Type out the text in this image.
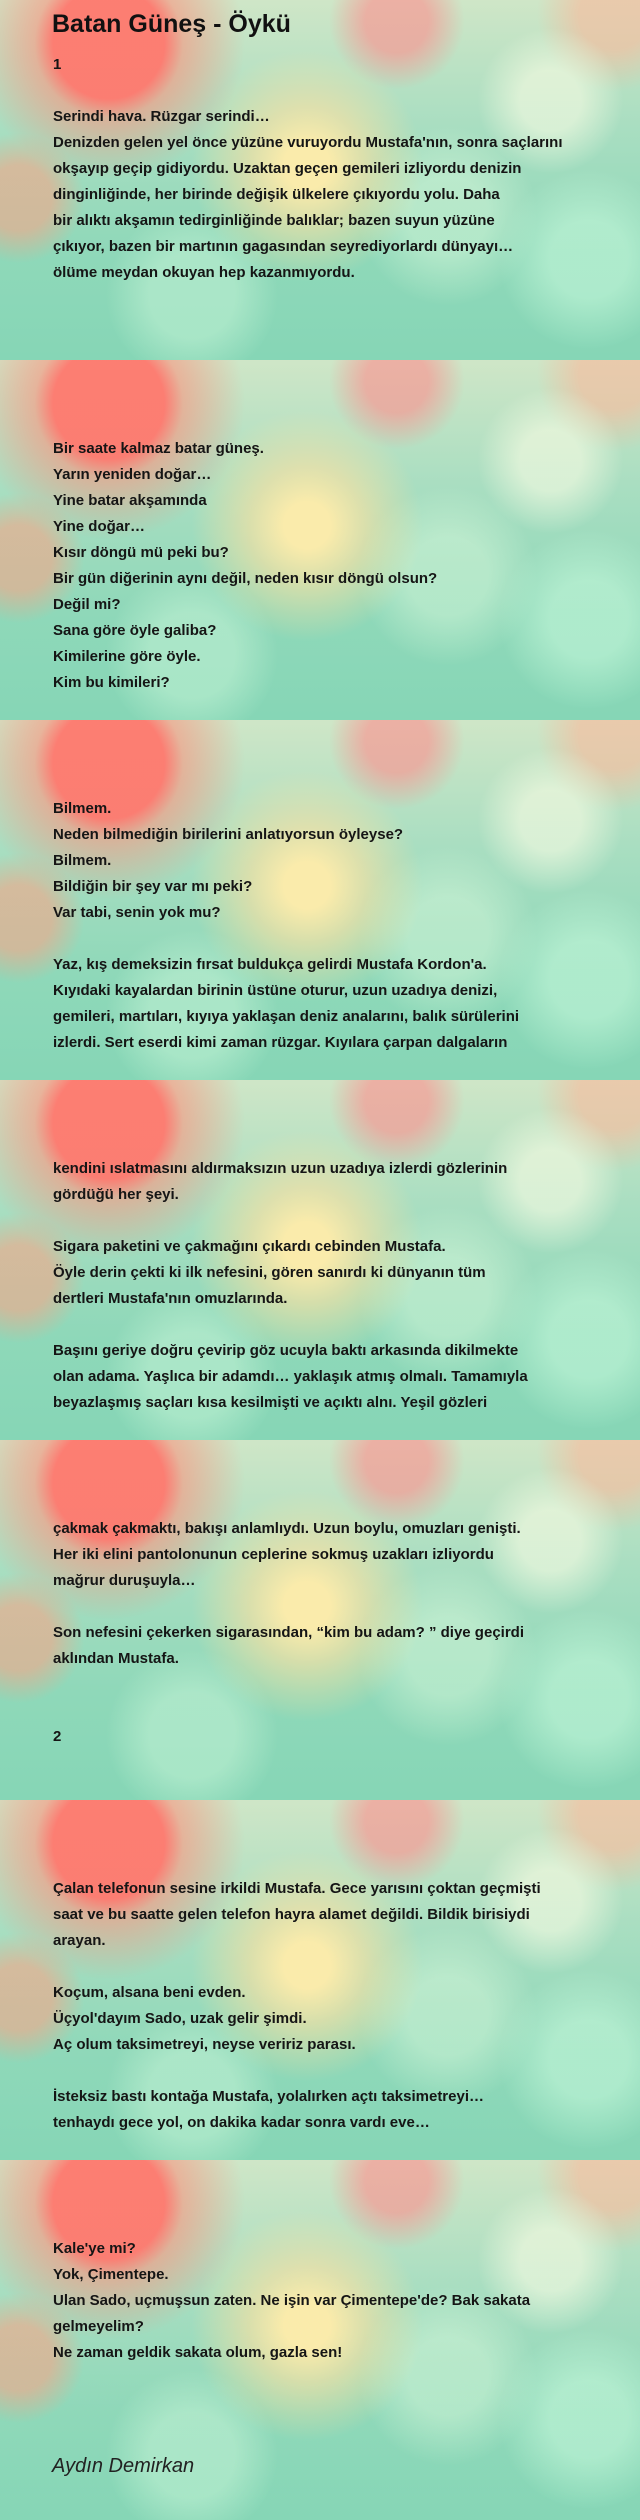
Batan Güneş - Öykü
1
Serindi hava. Rüzgar serindi…
Denizden gelen yel önce yüzüne vuruyordu Mustafa'nın, sonra saçlarını
okşayıp geçip gidiyordu. Uzaktan geçen gemileri izliyordu denizin
dinginliğinde, her birinde değişik ülkelere çıkıyordu yolu. Daha
bir alıktı akşamın tedirginliğinde balıklar; bazen suyun yüzüne
çıkıyor, bazen bir martının gagasından seyrediyorlardı dünyayı…
ölüme meydan okuyan hep kazanmıyordu.
Bir saate kalmaz batar güneş.
Yarın yeniden doğar…
Yine batar akşamında
Yine doğar…
Kısır döngü mü peki bu?
Bir gün diğerinin aynı değil, neden kısır döngü olsun?
Değil mi?
Sana göre öyle galiba?
Kimilerine göre öyle.
Kim bu kimileri?
Bilmem.
Neden bilmediğin birilerini anlatıyorsun öyleyse?
Bilmem.
Bildiğin bir şey var mı peki?
Var tabi, senin yok mu?
Yaz, kış demeksizin fırsat buldukça gelirdi Mustafa Kordon'a.
Kıyıdaki kayalardan birinin üstüne oturur, uzun uzadıya denizi,
gemileri, martıları, kıyıya yaklaşan deniz analarını, balık sürülerini
izlerdi. Sert eserdi kimi zaman rüzgar. Kıyılara çarpan dalgaların
kendini ıslatmasını aldırmaksızın uzun uzadıya izlerdi gözlerinin
gördüğü her şeyi.
Sigara paketini ve çakmağını çıkardı cebinden Mustafa.
Öyle derin çekti ki ilk nefesini, gören sanırdı ki dünyanın tüm
dertleri Mustafa'nın omuzlarında.
Başını geriye doğru çevirip göz ucuyla baktı arkasında dikilmekte
olan adama. Yaşlıca bir adamdı… yaklaşık atmış olmalı. Tamamıyla
beyazlaşmış saçları kısa kesilmişti ve açıktı alnı. Yeşil gözleri
çakmak çakmaktı, bakışı anlamlıydı. Uzun boylu, omuzları genişti.
Her iki elini pantolonunun ceplerine sokmuş uzakları izliyordu
mağrur duruşuyla…
Son nefesini çekerken sigarasından, “kim bu adam? ” diye geçirdi
aklından Mustafa.
2
Çalan telefonun sesine irkildi Mustafa. Gece yarısını çoktan geçmişti
saat ve bu saatte gelen telefon hayra alamet değildi. Bildik birisiydi
arayan.
Koçum, alsana beni evden.
Üçyol'dayım Sado, uzak gelir şimdi.
Aç olum taksimetreyi, neyse veririz parası.
İsteksiz bastı kontağa Mustafa, yolalırken açtı taksimetreyi…
tenhaydı gece yol, on dakika kadar sonra vardı eve…
Kale'ye mi?
Yok, Çimentepe.
Ulan Sado, uçmuşsun zaten. Ne işin var Çimentepe'de? Bak sakata
gelmeyelim?
Ne zaman geldik sakata olum, gazla sen!
Aydın Demirkan
